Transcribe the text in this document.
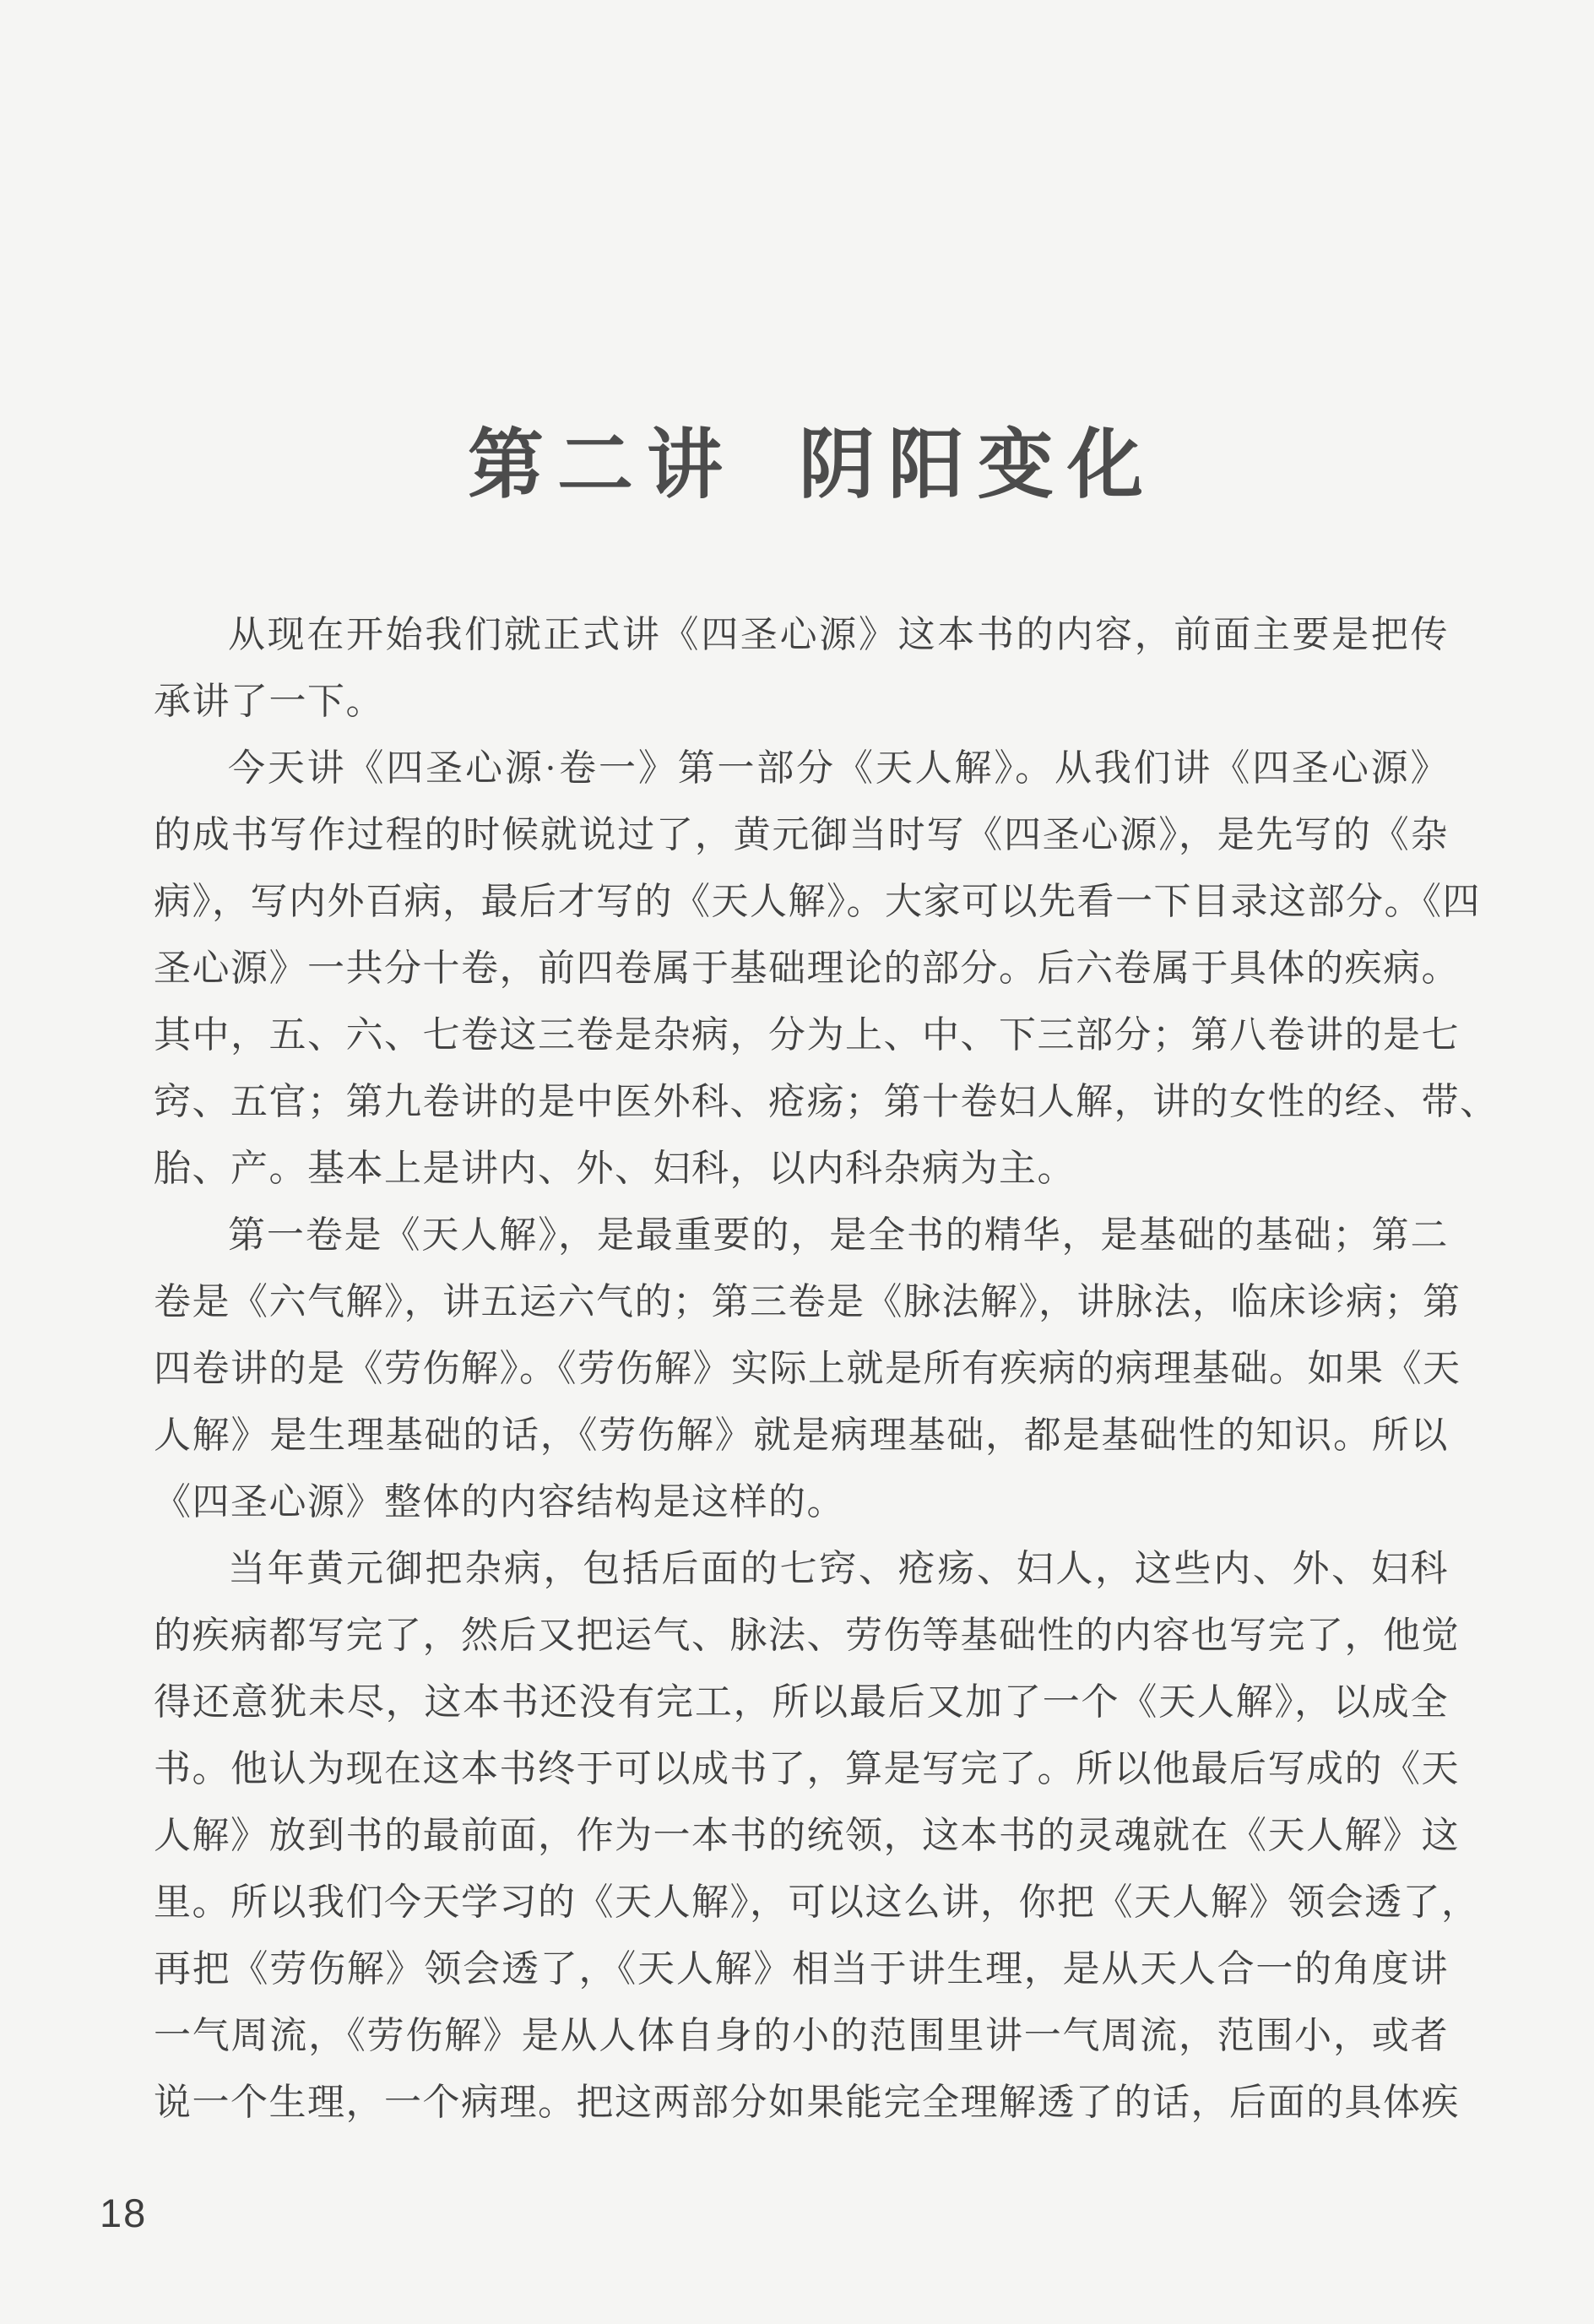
第二讲 阴阳变化
从现在开始我们就正式讲《四圣心源》这本书的内容，前面主要是把传
承讲了一下。
今天讲《四圣心源·卷一》第一部分《天人解》。从我们讲《四圣心源》
的成书写作过程的时候就说过了，黄元御当时写《四圣心源》，是先写的《杂
病》，写内外百病，最后才写的《天人解》。大家可以先看一下目录这部分。《四
圣心源》一共分十卷，前四卷属于基础理论的部分。后六卷属于具体的疾病。
其中，五、六、七卷这三卷是杂病，分为上、中、下三部分；第八卷讲的是七
窍、五官；第九卷讲的是中医外科、疮疡；第十卷妇人解，讲的女性的经、带、
胎、产。基本上是讲内、外、妇科，以内科杂病为主。
第一卷是《天人解》，是最重要的，是全书的精华，是基础的基础；第二
卷是《六气解》，讲五运六气的；第三卷是《脉法解》，讲脉法，临床诊病；第
四卷讲的是《劳伤解》。《劳伤解》实际上就是所有疾病的病理基础。如果《天
人解》是生理基础的话，《劳伤解》就是病理基础，都是基础性的知识。所以
《四圣心源》整体的内容结构是这样的。
当年黄元御把杂病，包括后面的七窍、疮疡、妇人，这些内、外、妇科
的疾病都写完了，然后又把运气、脉法、劳伤等基础性的内容也写完了，他觉
得还意犹未尽，这本书还没有完工，所以最后又加了一个《天人解》，以成全
书。他认为现在这本书终于可以成书了，算是写完了。所以他最后写成的《天
人解》放到书的最前面，作为一本书的统领，这本书的灵魂就在《天人解》这
里。所以我们今天学习的《天人解》，可以这么讲，你把《天人解》领会透了，
再把《劳伤解》领会透了，《天人解》相当于讲生理，是从天人合一的角度讲
一气周流，《劳伤解》是从人体自身的小的范围里讲一气周流，范围小，或者
说一个生理，一个病理。把这两部分如果能完全理解透了的话，后面的具体疾
18
